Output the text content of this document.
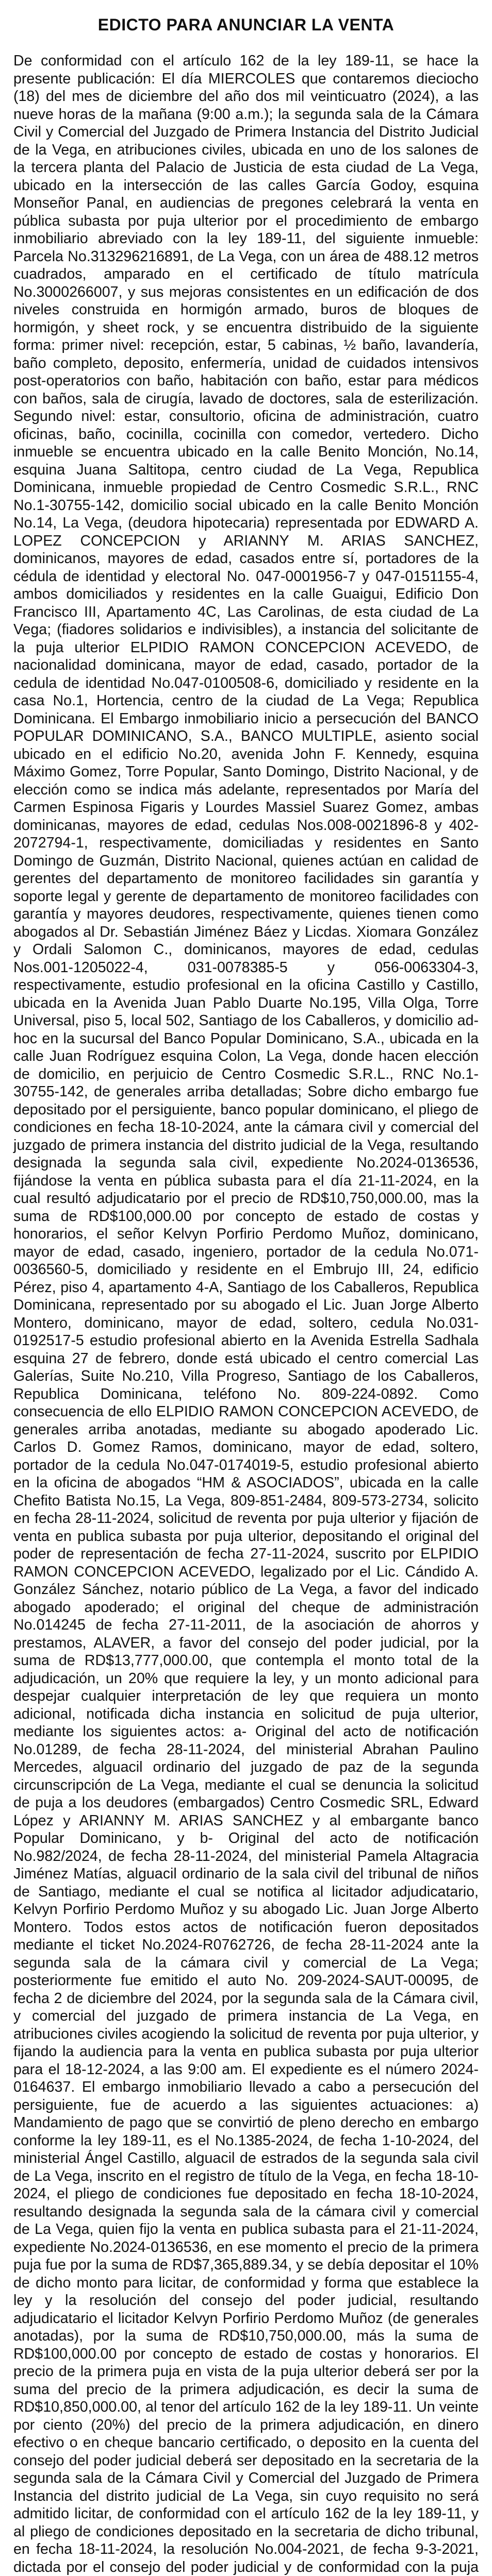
EDICTO PARA ANUNCIAR LA VENTA

De conformidad con el artículo 162 de la ley 189-11, se hace la presente publicación: El día MIERCOLES que contaremos dieciocho (18) del mes de diciembre del año dos mil veinticuatro (2024), a las nueve horas de la mañana (9:00 a.m.); la segunda sala de la Cámara Civil y Comercial del Juzgado de Primera Instancia del Distrito Judicial de la Vega, en atribuciones civiles, ubicada en uno de los salones de la tercera planta del Palacio de Justicia de esta ciudad de La Vega, ubicado en la intersección de las calles García Godoy, esquina Monseñor Panal, en audiencias de pregones celebrará la venta en pública subasta por puja ulterior por el procedimiento de embargo inmobiliario abreviado con la ley 189-11, del siguiente inmueble: Parcela No.313296216891, de La Vega, con un área de 488.12 metros cuadrados, amparado en el certificado de título matrícula No.3000266007, y sus mejoras consistentes en un edificación de dos niveles construida en hormigón armado, buros de bloques de hormigón, y sheet rock, y se encuentra distribuido de la siguiente forma: primer nivel: recepción, estar, 5 cabinas, ½ baño, lavandería, baño completo, deposito, enfermería, unidad de cuidados intensivos post-operatorios con baño, habitación con baño, estar para médicos con baños, sala de cirugía, lavado de doctores, sala de esterilización. Segundo nivel: estar, consultorio, oficina de administración, cuatro oficinas, baño, cocinilla, cocinilla con comedor, vertedero. Dicho inmueble se encuentra ubicado en la calle Benito Monción, No.14, esquina Juana Saltitopa, centro ciudad de La Vega, Republica Dominicana, inmueble propiedad de Centro Cosmedic S.R.L., RNC No.1-30755-142, domicilio social ubicado en la calle Benito Monción No.14, La Vega, (deudora hipotecaria) representada por EDWARD A. LOPEZ CONCEPCION y ARIANNY M. ARIAS SANCHEZ, dominicanos, mayores de edad, casados entre sí, portadores de la cédula de identidad y electoral No. 047-0001956-7 y 047-0151155-4, ambos domiciliados y residentes en la calle Guaigui, Edificio Don Francisco III, Apartamento 4C, Las Carolinas, de esta ciudad de La Vega; (fiadores solidarios e indivisibles), a instancia del solicitante de la puja ulterior ELPIDIO RAMON CONCEPCION ACEVEDO, de nacionalidad dominicana, mayor de edad, casado, portador de la cedula de identidad No.047-0100508-6, domiciliado y residente en la casa No.1, Hortencia, centro de la ciudad de La Vega; Republica Dominicana. El Embargo inmobiliario inicio a persecución del BANCO POPULAR DOMINICANO, S.A., BANCO MULTIPLE, asiento social ubicado en el edificio No.20, avenida John F. Kennedy, esquina Máximo Gomez, Torre Popular, Santo Domingo, Distrito Nacional, y de elección como se indica más adelante, representados por María del Carmen Espinosa Figaris y Lourdes Massiel Suarez Gomez, ambas dominicanas, mayores de edad, cedulas Nos.008-0021896-8 y 402-2072794-1, respectivamente, domiciliadas y residentes en Santo Domingo de Guzmán, Distrito Nacional, quienes actúan en calidad de gerentes del departamento de monitoreo facilidades sin garantía y soporte legal y gerente de departamento de monitoreo facilidades con garantía y mayores deudores, respectivamente, quienes tienen como abogados al Dr. Sebastián Jiménez Báez y Licdas. Xiomara González y Ordali Salomon C., dominicanos, mayores de edad, cedulas Nos.001-1205022-4, 031-0078385-5 y 056-0063304-3, respectivamente, estudio profesional en la oficina Castillo y Castillo, ubicada en la Avenida Juan Pablo Duarte No.195, Villa Olga, Torre Universal, piso 5, local 502, Santiago de los Caballeros, y domicilio ad-hoc en la sucursal del Banco Popular Dominicano, S.A., ubicada en la calle Juan Rodríguez esquina Colon, La Vega, donde hacen elección de domicilio, en perjuicio de Centro Cosmedic S.R.L., RNC No.1-30755-142, de generales arriba detalladas; Sobre dicho embargo fue depositado por el persiguiente, banco popular dominicano, el pliego de condiciones en fecha 18-10-2024, ante la cámara civil y comercial del juzgado de primera instancia del distrito judicial de la Vega, resultando designada la segunda sala civil, expediente No.2024-0136536, fijándose la venta en pública subasta para el día 21-11-2024, en la cual resultó adjudicatario por el precio de RD$10,750,000.00, mas la suma de RD$100,000.00 por concepto de estado de costas y honorarios, el señor Kelvyn Porfirio Perdomo Muñoz, dominicano, mayor de edad, casado, ingeniero, portador de la cedula No.071-0036560-5, domiciliado y residente en el Embrujo III, 24, edificio Pérez, piso 4, apartamento 4-A, Santiago de los Caballeros, Republica Dominicana, representado por su abogado el Lic. Juan Jorge Alberto Montero, dominicano, mayor de edad, soltero, cedula No.031-0192517-5 estudio profesional abierto en la Avenida Estrella Sadhala esquina 27 de febrero, donde está ubicado el centro comercial Las Galerías, Suite No.210, Villa Progreso, Santiago de los Caballeros, Republica Dominicana, teléfono No. 809-224-0892. Como consecuencia de ello ELPIDIO RAMON CONCEPCION ACEVEDO, de generales arriba anotadas, mediante su abogado apoderado Lic. Carlos D. Gomez Ramos, dominicano, mayor de edad, soltero, portador de la cedula No.047-0174019-5, estudio profesional abierto en la oficina de abogados “HM & ASOCIADOS”, ubicada en la calle Chefito Batista No.15, La Vega, 809-851-2484, 809-573-2734, solicito en fecha 28-11-2024, solicitud de reventa por puja ulterior y fijación de venta en publica subasta por puja ulterior, depositando el original del poder de representación de fecha 27-11-2024, suscrito por ELPIDIO RAMON CONCEPCION ACEVEDO, legalizado por el Lic. Cándido A. González Sánchez, notario público de La Vega, a favor del indicado abogado apoderado; el original del cheque de administración No.014245 de fecha 27-11-2011, de la asociación de ahorros y prestamos, ALAVER, a favor del consejo del poder judicial, por la suma de RD$13,777,000.00, que contempla el monto total de la adjudicación, un 20% que requiere la ley, y un monto adicional para despejar cualquier interpretación de ley que requiera un monto adicional, notificada dicha instancia en solicitud de puja ulterior, mediante los siguientes actos: a- Original del acto de notificación No.01289, de fecha 28-11-2024, del ministerial Abrahan Paulino Mercedes, alguacil ordinario del juzgado de paz de la segunda circunscripción de La Vega, mediante el cual se denuncia la solicitud de puja a los deudores (embargados) Centro Cosmedic SRL, Edward López y ARIANNY M. ARIAS SANCHEZ y al embargante banco Popular Dominicano, y b- Original del acto de notificación No.982/2024, de fecha 28-11-2024, del ministerial Pamela Altagracia Jiménez Matías, alguacil ordinario de la sala civil del tribunal de niños de Santiago, mediante el cual se notifica al licitador adjudicatario, Kelvyn Porfirio Perdomo Muñoz y su abogado Lic. Juan Jorge Alberto Montero. Todos estos actos de notificación fueron depositados mediante el ticket No.2024-R0762726, de fecha 28-11-2024 ante la segunda sala de la cámara civil y comercial de La Vega; posteriormente fue emitido el auto No. 209-2024-SAUT-00095, de fecha 2 de diciembre del 2024, por la segunda sala de la Cámara civil, y comercial del juzgado de primera instancia de La Vega, en atribuciones civiles acogiendo la solicitud de reventa por puja ulterior, y fijando la audiencia para la venta en publica subasta por puja ulterior para el 18-12-2024, a las 9:00 am. El expediente es el número 2024-0164637. El embargo inmobiliario llevado a cabo a persecución del persiguiente, fue de acuerdo a las siguientes actuaciones: a) Mandamiento de pago que se convirtió de pleno derecho en embargo conforme la ley 189-11, es el No.1385-2024, de fecha 1-10-2024, del ministerial Ángel Castillo, alguacil de estrados de la segunda sala civil de La Vega, inscrito en el registro de título de la Vega, en fecha 18-10-2024, el pliego de condiciones fue depositado en fecha 18-10-2024, resultando designada la segunda sala de la cámara civil y comercial de La Vega, quien fijo la venta en publica subasta para el 21-11-2024, expediente No.2024-0136536, en ese momento el precio de la primera puja fue por la suma de RD$7,365,889.34, y se debía depositar el 10% de dicho monto para licitar, de conformidad y forma que establece la ley y la resolución del consejo del poder judicial, resultando adjudicatario el licitador Kelvyn Porfirio Perdomo Muñoz (de generales anotadas), por la suma de RD$10,750,000.00, más la suma de RD$100,000.00 por concepto de estado de costas y honorarios. El precio de la primera puja en vista de la puja ulterior deberá ser por la suma del precio de la primera adjudicación, es decir la suma de RD$10,850,000.00, al tenor del artículo 162 de la ley 189-11. Un veinte por ciento (20%) del precio de la primera adjudicación, en dinero efectivo o en cheque bancario certificado, o deposito en la cuenta del consejo del poder judicial deberá ser depositado en la secretaria de la segunda sala de la Cámara Civil y Comercial del Juzgado de Primera Instancia del distrito judicial de La Vega, sin cuyo requisito no será admitido licitar, de conformidad con el artículo 162 de la ley 189-11, y al pliego de condiciones depositado en la secretaria de dicho tribunal, en fecha 18-11-2024, la resolución No.004-2021, de fecha 9-3-2021, dictada por el consejo del poder judicial y de conformidad con la puja
